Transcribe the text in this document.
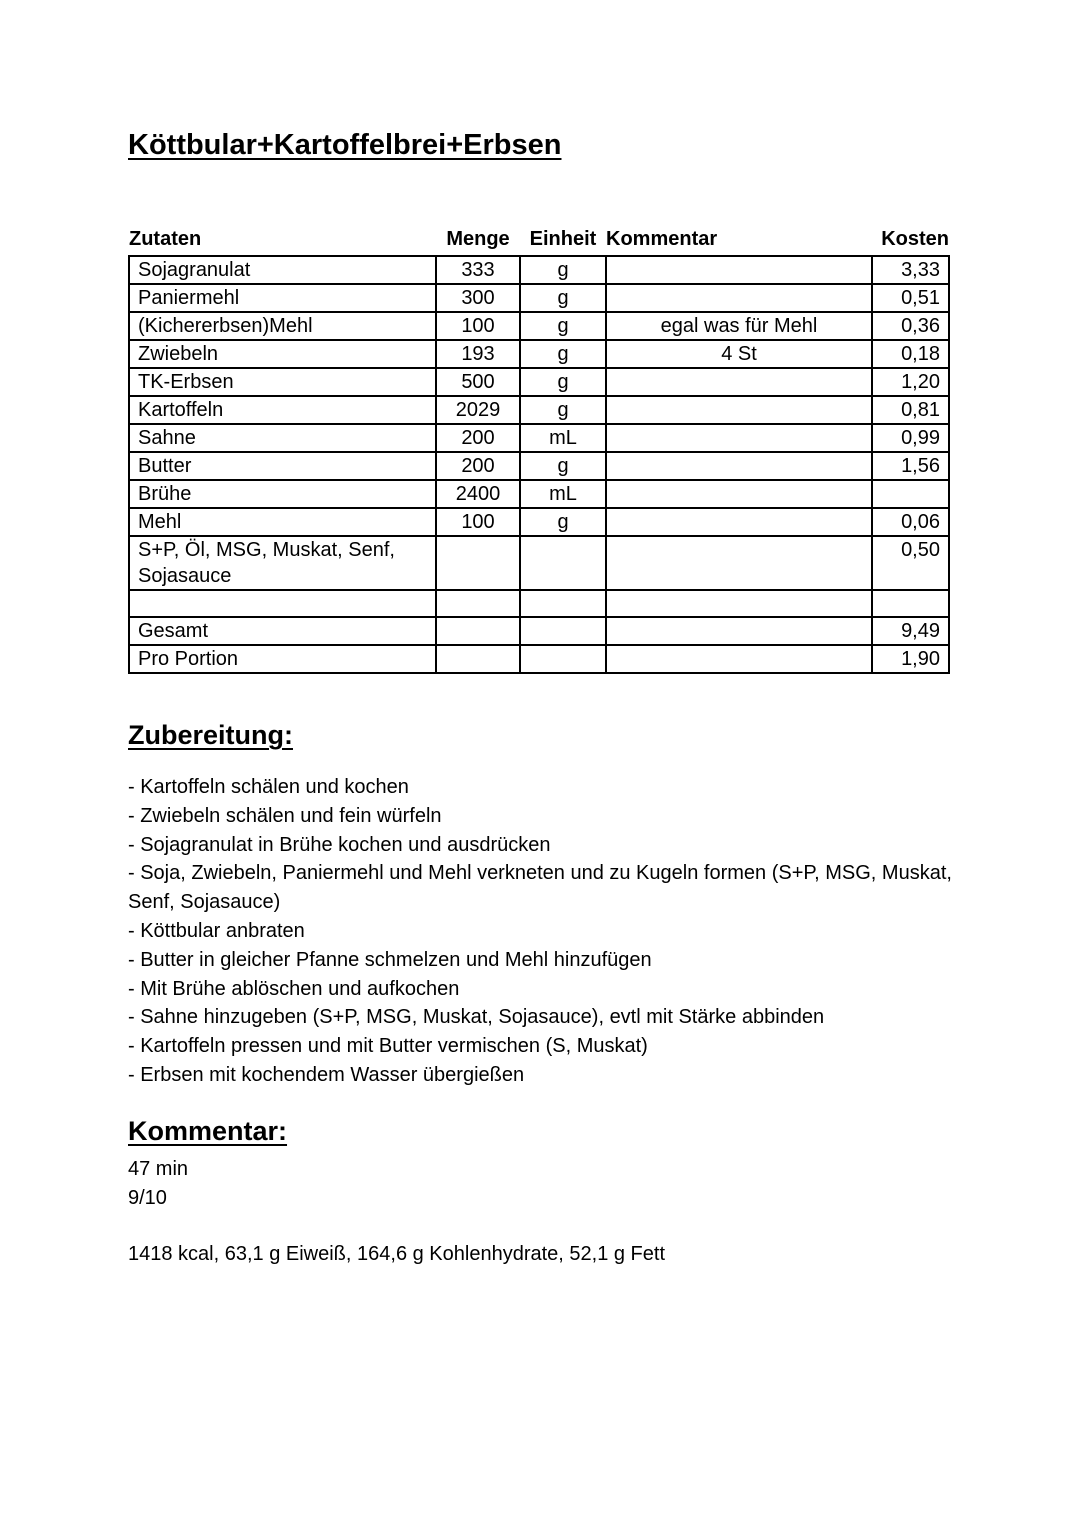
Köttbular+Kartoffelbrei+Erbsen
Zutaten	Menge	Einheit	Kommentar	Kosten
Sojagranulat	333	g		3,33
Paniermehl	300	g		0,51
(Kichererbsen)Mehl	100	g	egal was für Mehl	0,36
Zwiebeln	193	g	4 St	0,18
TK-Erbsen	500	g		1,20
Kartoffeln	2029	g		0,81
Sahne	200	mL		0,99
Butter	200	g		1,56
Brühe	2400	mL		
Mehl	100	g		0,06
S+P, Öl, MSG, Muskat, Senf, Sojasauce				0,50

Gesamt				9,49
Pro Portion				1,90
Zubereitung:

- Kartoffeln schälen und kochen

- Zwiebeln schälen und fein würfeln

- Sojagranulat in Brühe kochen und ausdrücken

- Soja, Zwiebeln, Paniermehl und Mehl verkneten und zu Kugeln formen (S+P, MSG, Muskat, Senf, Sojasauce)

- Köttbular anbraten

- Butter in gleicher Pfanne schmelzen und Mehl hinzufügen

- Mit Brühe ablöschen und aufkochen

- Sahne hinzugeben (S+P, MSG, Muskat, Sojasauce), evtl mit Stärke abbinden

- Kartoffeln pressen und mit Butter vermischen (S, Muskat)

- Erbsen mit kochendem Wasser übergießen

Kommentar:

47 min

9/10

1418 kcal, 63,1 g Eiweiß, 164,6 g Kohlenhydrate, 52,1 g Fett
